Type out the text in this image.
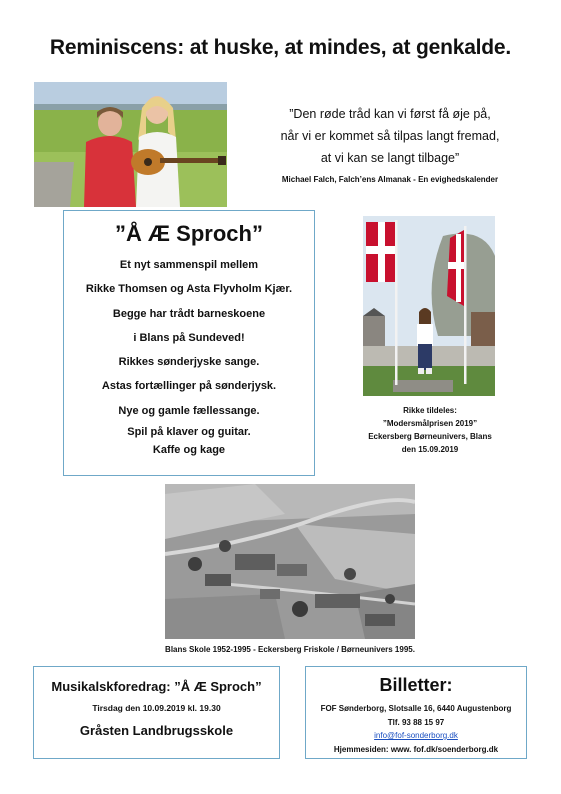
Reminiscens: at huske, at mindes, at genkalde.
”Den røde tråd kan vi først få øje på,
når vi er kommet så tilpas langt fremad,
at vi kan se langt tilbage”
Michael Falch, Falch’ens Almanak - En evighedskalender
”Å Æ Sproch”
Et nyt sammenspil mellem
Rikke Thomsen og Asta Flyvholm Kjær.
Begge har trådt barneskoene
i Blans på Sundeved!
Rikkes sønderjyske sange.
Astas fortællinger på sønderjysk.
Nye og gamle fællessange.
Spil på klaver og guitar.
Kaffe og kage
Rikke tildeles:
”Modersmålprisen 2019”
Eckersberg Børneunivers, Blans
den 15.09.2019
Blans Skole 1952-1995 - Eckersberg Friskole / Børneunivers 1995.
Musikalskforedrag: ”Å Æ Sproch”
Tirsdag den 10.09.2019 kl. 19.30
Gråsten Landbrugsskole
Billetter:
FOF Sønderborg, Slotsalle 16, 6440 Augustenborg
Tlf. 93 88 15 97
info@fof-sonderborg.dk
Hjemmesiden: www. fof.dk/soenderborg.dk
